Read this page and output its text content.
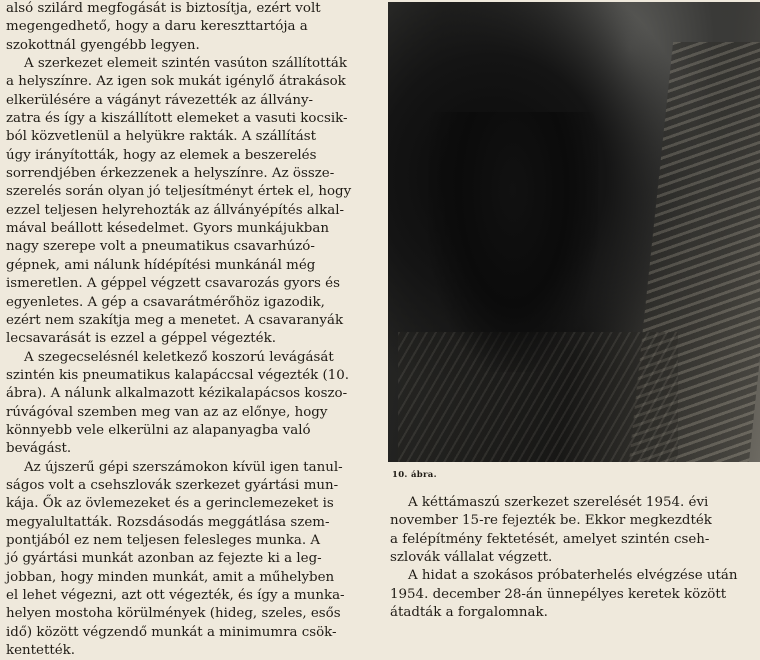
alsó szilárd megfogását is biztosítja, ezért volt
megengedhető, hogy a daru kereszttartója a
szokottnál gyengébb legyen.

A szerkezet elemeit szintén vasúton szállították
a helyszínre. Az igen sok mukát igénylő átrakások
elkerülésére a vágányt rávezették az állvány-
zatra és így a kiszállított elemeket a vasuti kocsik-
ból közvetlenül a helyükre rakták. A szállítást
úgy irányították, hogy az elemek a beszerelés
sorrendjében érkezzenek a helyszínre. Az össze-
szerelés során olyan jó teljesítményt értek el, hogy
ezzel teljesen helyrehozták az állványépítés alkal-
mával beállott késedelmet. Gyors munkájukban
nagy szerepe volt a pneumatikus csavarhúzó-
gépnek, ami nálunk hídépítési munkánál még
ismeretlen. A géppel végzett csavarozás gyors és
egyenletes. A gép a csavarátmérőhöz igazodik,
ezért nem szakítja meg a menetet. A csavaranyák
lecsavarását is ezzel a géppel végezték.

A szegecselésnél keletkező koszorú levágását
szintén kis pneumatikus kalapáccsal végezték (10.
ábra). A nálunk alkalmazott kézikalapácsos koszo-
rúvágóval szemben meg van az az előnye, hogy
könnyebb vele elkerülni az alapanyagba való
bevágást.

Az újszerű gépi szerszámokon kívül igen tanul-
ságos volt a csehszlovák szerkezet gyártási mun-
kája. Ők az övlemezeket és a gerinclemezeket is
megyalultatták. Rozsdásodás meggátlása szem-
pontjából ez nem teljesen felesleges munka. A
jó gyártási munkát azonban az fejezte ki a leg-
jobban, hogy minden munkát, amit a műhelyben
el lehet végezni, azt ott végezték, és így a munka-
helyen mostoha körülmények (hideg, szeles, esős
idő) között végzendő munkát a minimumra csök-
kentették.

10. ábra.

A kéttámaszú szerkezet szerelését 1954. évi
november 15-re fejezték be. Ekkor megkezdték
a felépítmény fektetését, amelyet szintén cseh-
szlovák vállalat végzett.

A hidat a szokásos próbaterhelés elvégzése után
1954. december 28-án ünnepélyes keretek között
átadták a forgalomnak.
